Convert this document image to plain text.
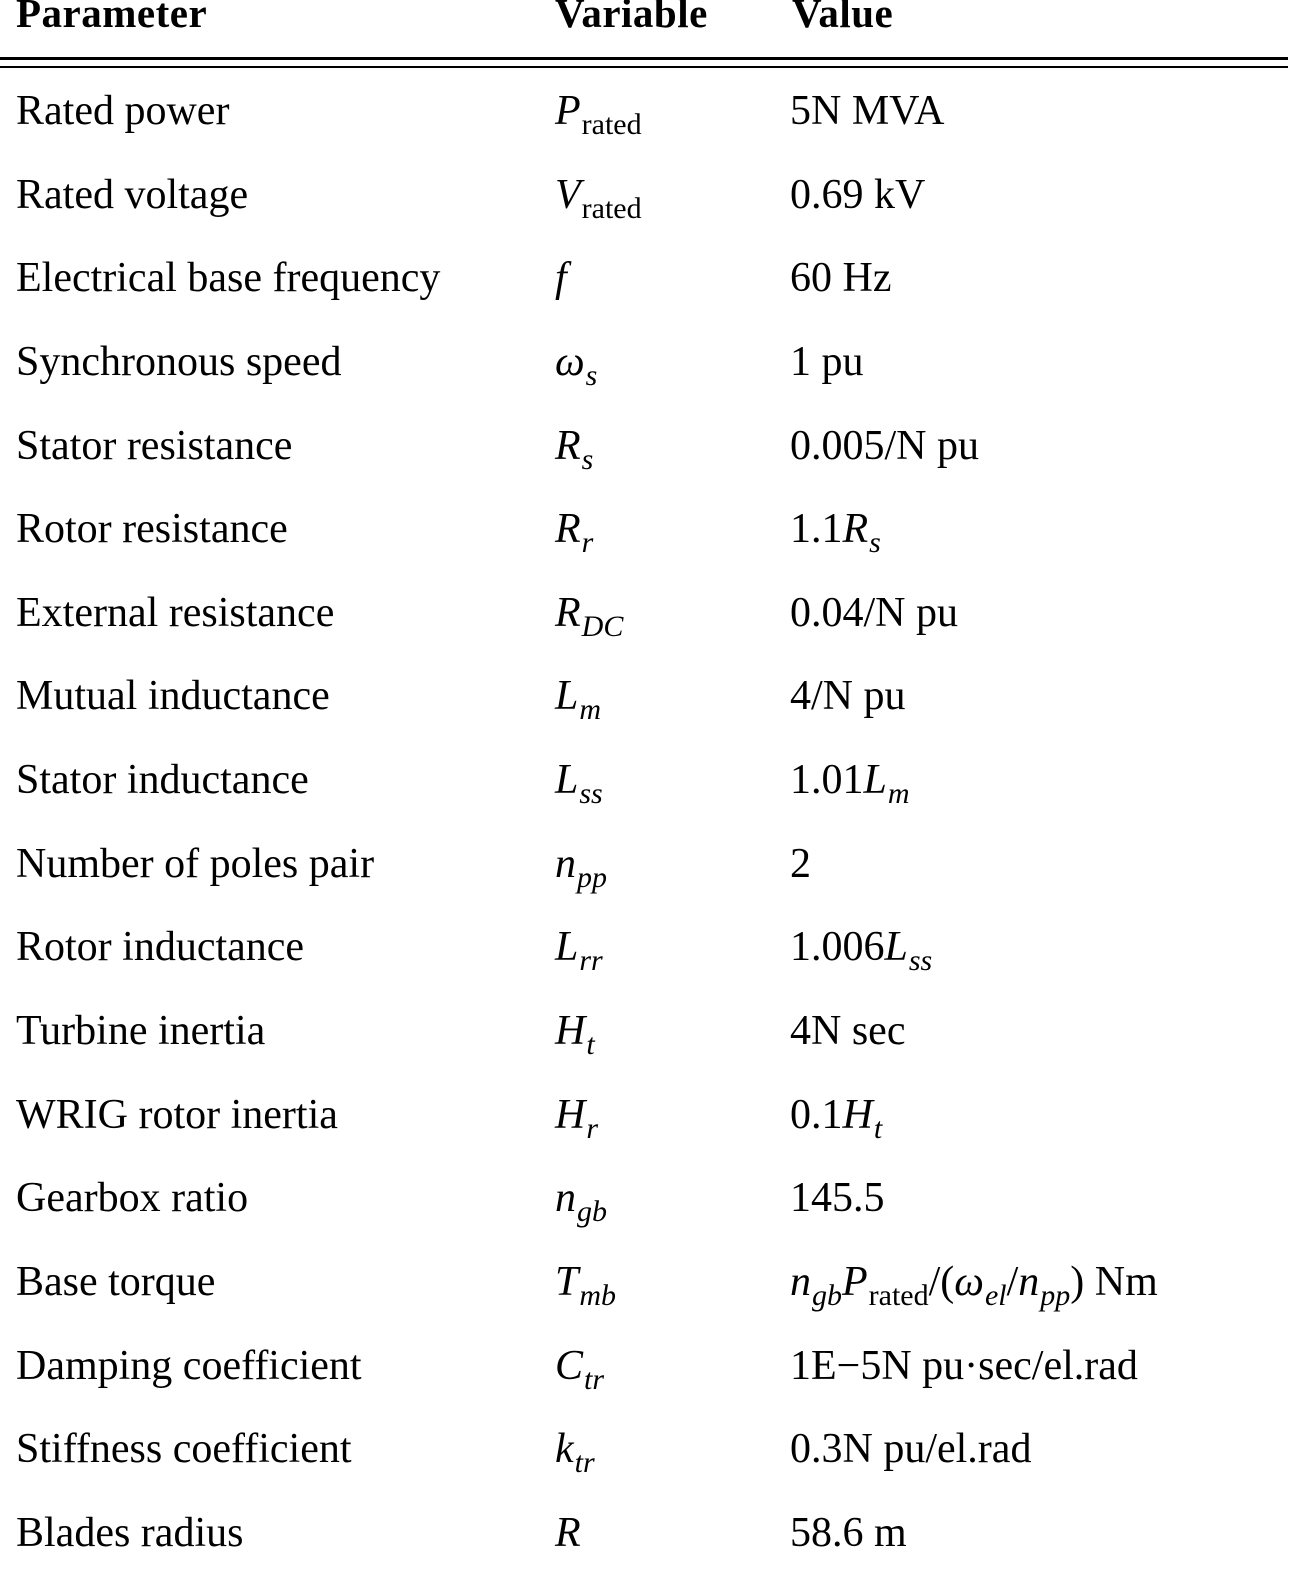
Parameter	Variable Value
Rated power	$P_{rated}$	5N MVA
Rated voltage	$V_{rated}$	0.69 kV
Electrical base frequency	f	60 Hz
Synchronous speed	$\omega_s$	1 pu
Stator resistance	$R_s$	0.005/N pu
Rotor resistance	$R_r$	$1.1R_s$
External resistance	$R_{DC}$	0.04/N pu
Mutual inductance	$L_m$	4/N pu
Stator inductance	$L_{ss}$	$1.01L_m$
Number of poles pair	$n_{pp}$	2
Rotor inductance	$L_{rr}$	$1.006L_{ss}$
Turbine inertia	$H_t$	4N sec
WRIG rotor inertia	$H_r$	$0.1H_t$
Gearbox ratio	$n_{gb}$	145.5
Base torque	$T_{mb}$	$n_{gb}P_{rated}/(\omega_{el}/n_{pp})$ Nm
Damping coefficient	$C_{tr}$	1E−5N pu·sec/el.rad
Stiffness coefficient	$k_{tr}$	0.3N pu/el.rad
Blades radius	R	58.6 m
